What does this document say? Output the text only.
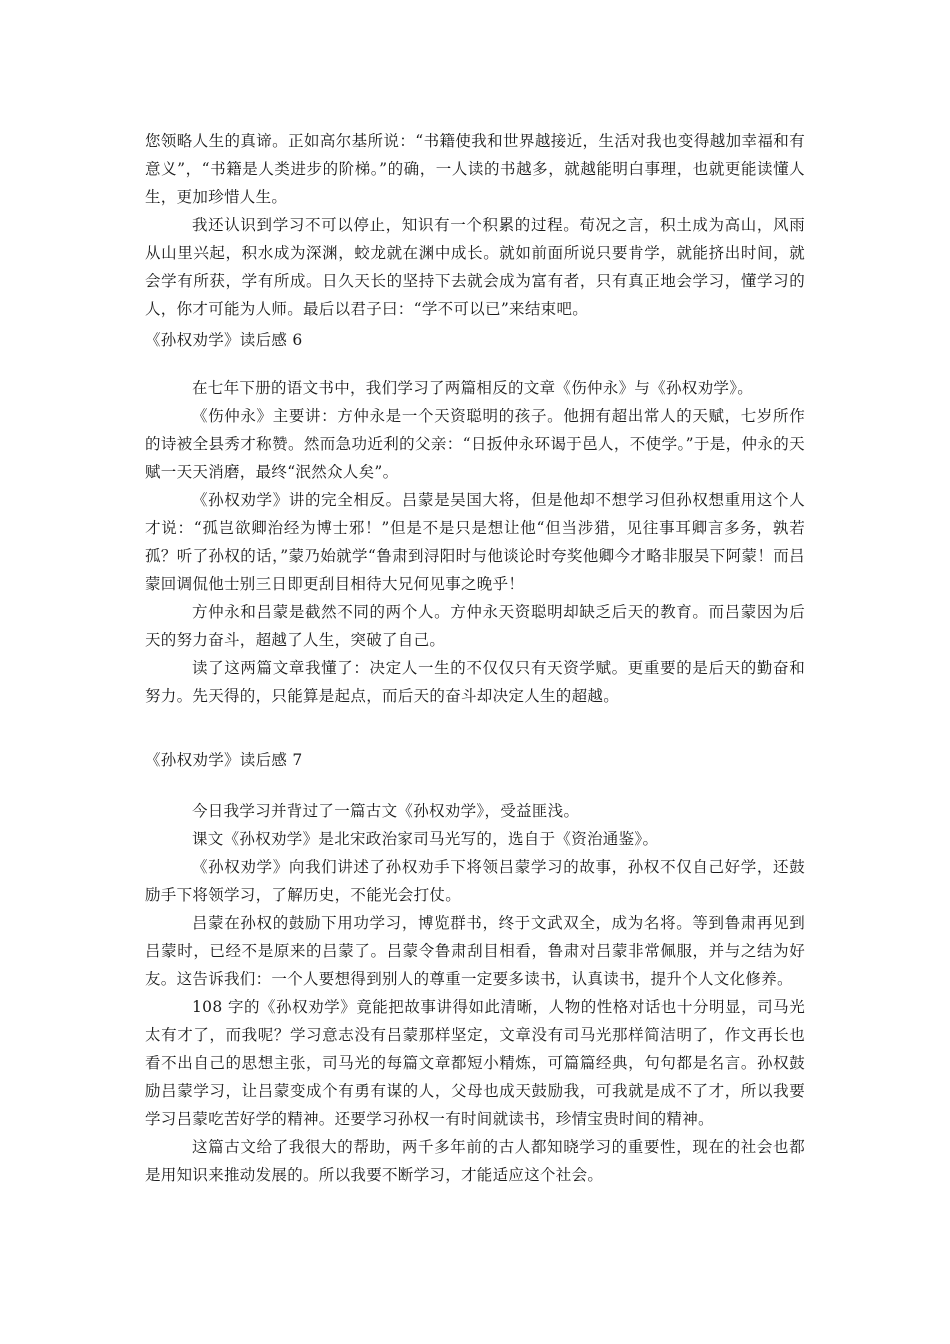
您领略人生的真谛。正如高尔基所说：“书籍使我和世界越接近，生活对我也变得越加幸福和有意义”，“书籍是人类进步的阶梯。”的确，一人读的书越多，就越能明白事理，也就更能读懂人生，更加珍惜人生。

我还认识到学习不可以停止，知识有一个积累的过程。荀况之言，积土成为高山，风雨从山里兴起，积水成为深渊，蛟龙就在渊中成长。就如前面所说只要肯学，就能挤出时间，就会学有所获，学有所成。日久天长的坚持下去就会成为富有者，只有真正地会学习，懂学习的人，你才可能为人师。最后以君子曰：“学不可以已”来结束吧。

《孙权劝学》读后感 6

在七年下册的语文书中，我们学习了两篇相反的文章《伤仲永》与《孙权劝学》。

《伤仲永》主要讲：方仲永是一个天资聪明的孩子。他拥有超出常人的天赋，七岁所作的诗被全县秀才称赞。然而急功近利的父亲：“日扳仲永环谒于邑人，不使学。”于是，仲永的天赋一天天消磨，最终“泯然众人矣”。

《孙权劝学》讲的完全相反。吕蒙是吴国大将，但是他却不想学习但孙权想重用这个人才说：“孤岂欲卿治经为博士邪！”但是不是只是想让他“但当涉猎，见往事耳卿言多务，孰若孤？听了孙权的话，”蒙乃始就学“鲁肃到浔阳时与他谈论时夸奖他卿今才略非服吴下阿蒙！而吕蒙回调侃他士别三日即更刮目相待大兄何见事之晚乎！

方仲永和吕蒙是截然不同的两个人。方仲永天资聪明却缺乏后天的教育。而吕蒙因为后天的努力奋斗，超越了人生，突破了自己。

读了这两篇文章我懂了：决定人一生的不仅仅只有天资学赋。更重要的是后天的勤奋和努力。先天得的，只能算是起点，而后天的奋斗却决定人生的超越。

《孙权劝学》读后感 7

今日我学习并背过了一篇古文《孙权劝学》，受益匪浅。

课文《孙权劝学》是北宋政治家司马光写的，选自于《资治通鉴》。

《孙权劝学》向我们讲述了孙权劝手下将领吕蒙学习的故事，孙权不仅自己好学，还鼓励手下将领学习，了解历史，不能光会打仗。

吕蒙在孙权的鼓励下用功学习，博览群书，终于文武双全，成为名将。等到鲁肃再见到吕蒙时，已经不是原来的吕蒙了。吕蒙令鲁肃刮目相看，鲁肃对吕蒙非常佩服，并与之结为好友。这告诉我们：一个人要想得到别人的尊重一定要多读书，认真读书，提升个人文化修养。

108 字的《孙权劝学》竟能把故事讲得如此清晰，人物的性格对话也十分明显，司马光太有才了，而我呢？学习意志没有吕蒙那样坚定，文章没有司马光那样简洁明了，作文再长也看不出自己的思想主张，司马光的每篇文章都短小精炼，可篇篇经典，句句都是名言。孙权鼓励吕蒙学习，让吕蒙变成个有勇有谋的人，父母也成天鼓励我，可我就是成不了才，所以我要学习吕蒙吃苦好学的精神。还要学习孙权一有时间就读书，珍情宝贵时间的精神。

这篇古文给了我很大的帮助，两千多年前的古人都知晓学习的重要性，现在的社会也都是用知识来推动发展的。所以我要不断学习，才能适应这个社会。
